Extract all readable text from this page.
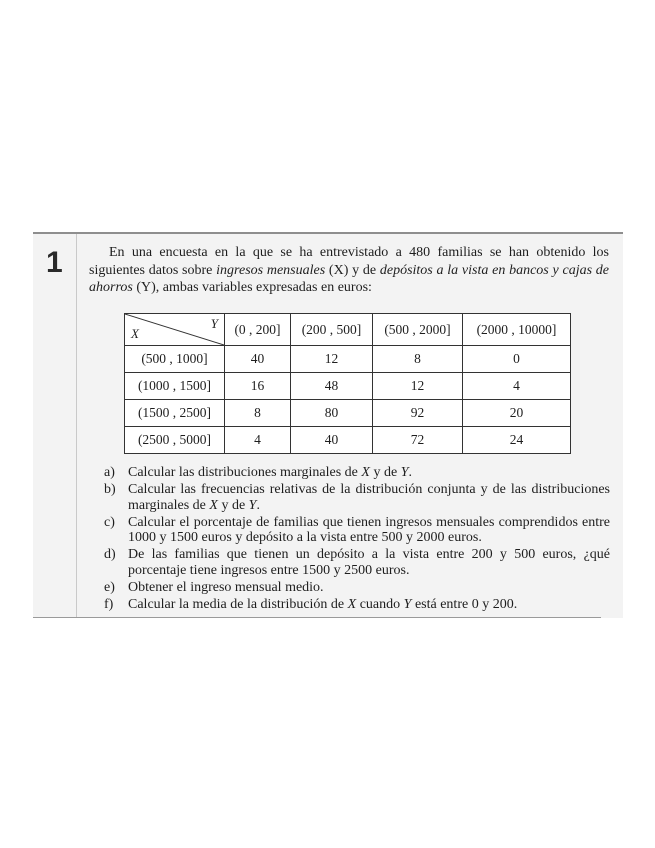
1	En una encuesta en la que se ha entrevistado a 480 familias se han obtenido los siguientes datos sobre ingresos mensuales (X) y de depósitos a la vista en bancos y cajas de ahorros (Y), ambas variables expresadas en euros:
Y
X	(0 , 200]	(200 , 500]	(500 , 2000]	(2000 , 10000]
(500 , 1000]	40	12	8	0
(1000 , 1500]	16	48	12	4
(1500 , 2500]	8	80	92	20
(2500 , 5000]	4	40	72	24
a) Calcular las distribuciones marginales de X y de Y.
b) Calcular las frecuencias relativas de la distribución conjunta y de las distribuciones marginales de X y de Y.
c) Calcular el porcentaje de familias que tienen ingresos mensuales comprendidos entre 1000 y 1500 euros y depósito a la vista entre 500 y 2000 euros.
d) De las familias que tienen un depósito a la vista entre 200 y 500 euros, ¿qué porcentaje tiene ingresos entre 1500 y 2500 euros.
e) Obtener el ingreso mensual medio.
f) Calcular la media de la distribución de X cuando Y está entre 0 y 200.
